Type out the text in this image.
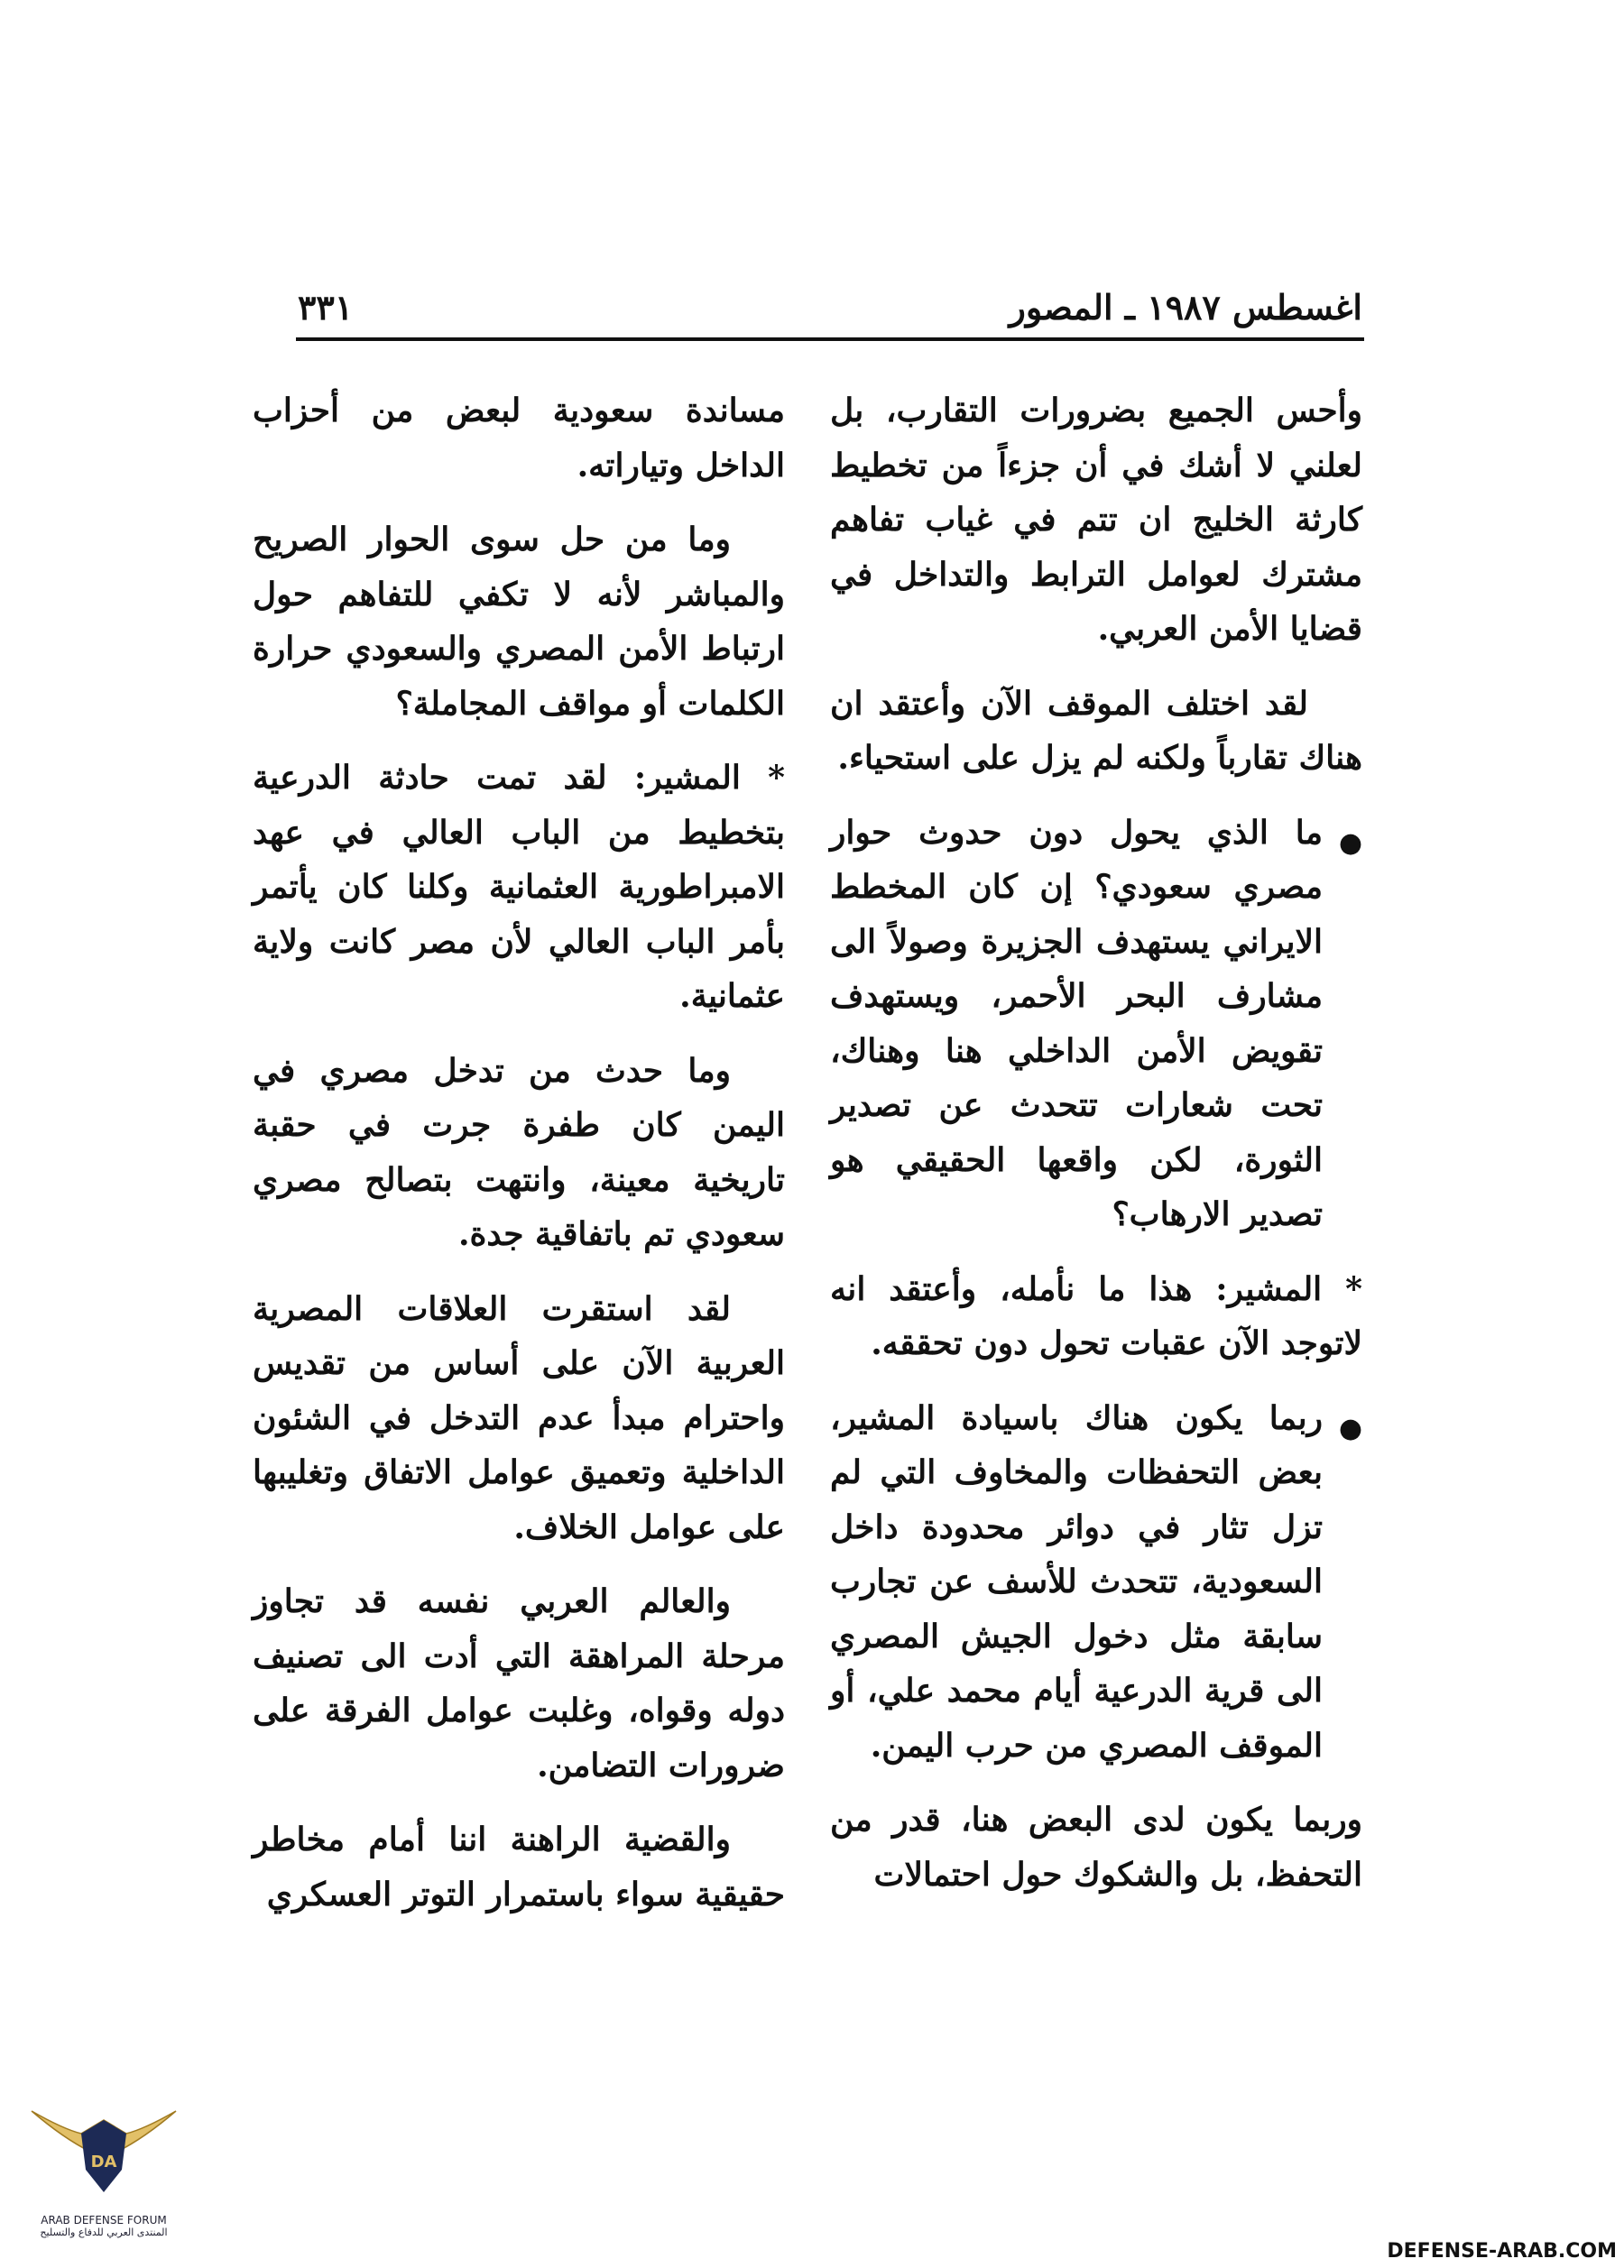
اغسطس ١٩٨٧ ـ المصور
٣٣١

وأحس الجميع بضرورات التقارب، بل لعلني لا أشك في أن جزءاً من تخطيط كارثة الخليج ان تتم في غياب تفاهم مشترك لعوامل الترابط والتداخل في قضايا الأمن العربي.

لقد اختلف الموقف الآن وأعتقد ان هناك تقارباً ولكنه لم يزل على استحياء.

●
ما الذي يحول دون حدوث حوار مصري سعودي؟ إن كان المخطط الايراني يستهدف الجزيرة وصولاً الى مشارف البحر الأحمر، ويستهدف تقويض الأمن الداخلي هنا وهناك، تحت شعارات تتحدث عن تصدير الثورة، لكن واقعها الحقيقي هو تصدير الارهاب؟

* المشير: هذا ما نأمله، وأعتقد انه لاتوجد الآن عقبات تحول دون تحققه.

●
ربما يكون هناك باسيادة المشير، بعض التحفظات والمخاوف التي لم تزل تثار في دوائر محدودة داخل السعودية، تتحدث للأسف عن تجارب سابقة مثل دخول الجيش المصري الى قرية الدرعية أيام محمد علي، أو الموقف المصري من حرب اليمن.

وربما يكون لدى البعض هنا، قدر من التحفظ، بل والشكوك حول احتمالات

مساندة سعودية لبعض من أحزاب الداخل وتياراته.

وما من حل سوى الحوار الصريح والمباشر لأنه لا تكفي للتفاهم حول ارتباط الأمن المصري والسعودي حرارة الكلمات أو مواقف المجاملة؟

* المشير: لقد تمت حادثة الدرعية بتخطيط من الباب العالي في عهد الامبراطورية العثمانية وكلنا كان يأتمر بأمر الباب العالي لأن مصر كانت ولاية عثمانية.

وما حدث من تدخل مصري في اليمن كان طفرة جرت في حقبة تاريخية معينة، وانتهت بتصالح مصري سعودي تم باتفاقية جدة.

لقد استقرت العلاقات المصرية العربية الآن على أساس من تقديس واحترام مبدأ عدم التدخل في الشئون الداخلية وتعميق عوامل الاتفاق وتغليبها على عوامل الخلاف.

والعالم العربي نفسه قد تجاوز مرحلة المراهقة التي أدت الى تصنيف دوله وقواه، وغلبت عوامل الفرقة على ضرورات التضامن.

والقضية الراهنة اننا أمام مخاطر حقيقية سواء باستمرار التوتر العسكري

DA
ARAB DEFENSE FORUM
المنتدى العربي للدفاع والتسليح
DEFENSE-ARAB.COM
